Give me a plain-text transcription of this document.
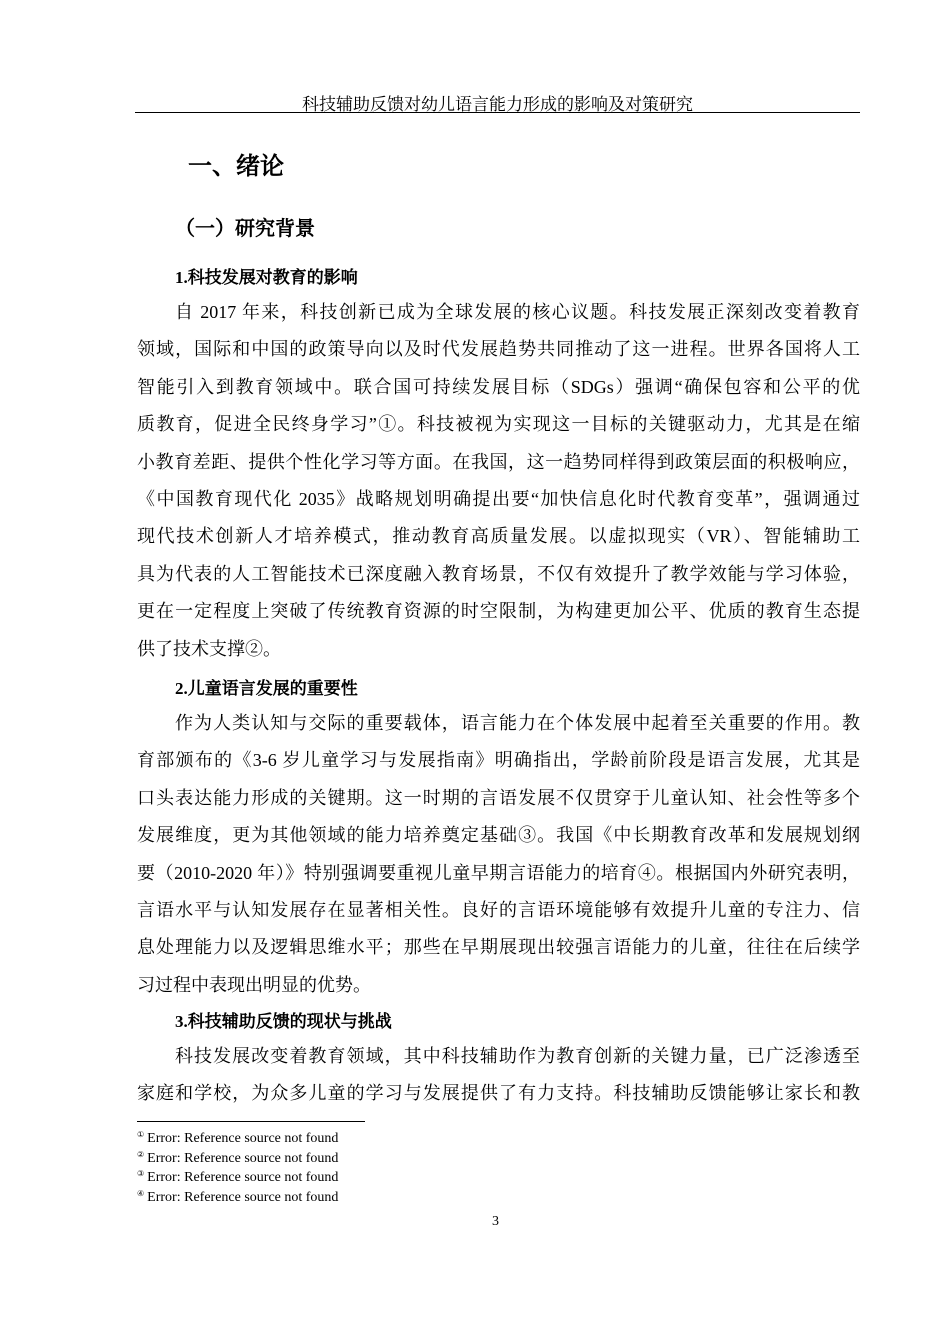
科技辅助反馈对幼儿语言能力形成的影响及对策研究
一、绪论
（一）研究背景
1.科技发展对教育的影响
自 2017 年来，科技创新已成为全球发展的核心议题。科技发展正深刻改变着教育
领域，国际和中国的政策导向以及时代发展趋势共同推动了这一进程。世界各国将人工
智能引入到教育领域中。联合国可持续发展目标（SDGs）强调“确保包容和公平的优
质教育，促进全民终身学习”①。科技被视为实现这一目标的关键驱动力，尤其是在缩
小教育差距、提供个性化学习等方面。在我国，这一趋势同样得到政策层面的积极响应，
《中国教育现代化 2035》战略规划明确提出要“加快信息化时代教育变革”，强调通过
现代技术创新人才培养模式，推动教育高质量发展。以虚拟现实（VR）、智能辅助工
具为代表的人工智能技术已深度融入教育场景，不仅有效提升了教学效能与学习体验，
更在一定程度上突破了传统教育资源的时空限制，为构建更加公平、优质的教育生态提
供了技术支撑②。
2.儿童语言发展的重要性
作为人类认知与交际的重要载体，语言能力在个体发展中起着至关重要的作用。教
育部颁布的《3-6 岁儿童学习与发展指南》明确指出，学龄前阶段是语言发展，尤其是
口头表达能力形成的关键期。这一时期的言语发展不仅贯穿于儿童认知、社会性等多个
发展维度，更为其他领域的能力培养奠定基础③。我国《中长期教育改革和发展规划纲
要（2010-2020 年）》特别强调要重视儿童早期言语能力的培育④。根据国内外研究表明，
言语水平与认知发展存在显著相关性。良好的言语环境能够有效提升儿童的专注力、信
息处理能力以及逻辑思维水平；那些在早期展现出较强言语能力的儿童，往往在后续学
习过程中表现出明显的优势。
3.科技辅助反馈的现状与挑战
科技发展改变着教育领域，其中科技辅助作为教育创新的关键力量，已广泛渗透至
家庭和学校，为众多儿童的学习与发展提供了有力支持。科技辅助反馈能够让家长和教
① Error: Reference source not found
② Error: Reference source not found
③ Error: Reference source not found
④ Error: Reference source not found
3
